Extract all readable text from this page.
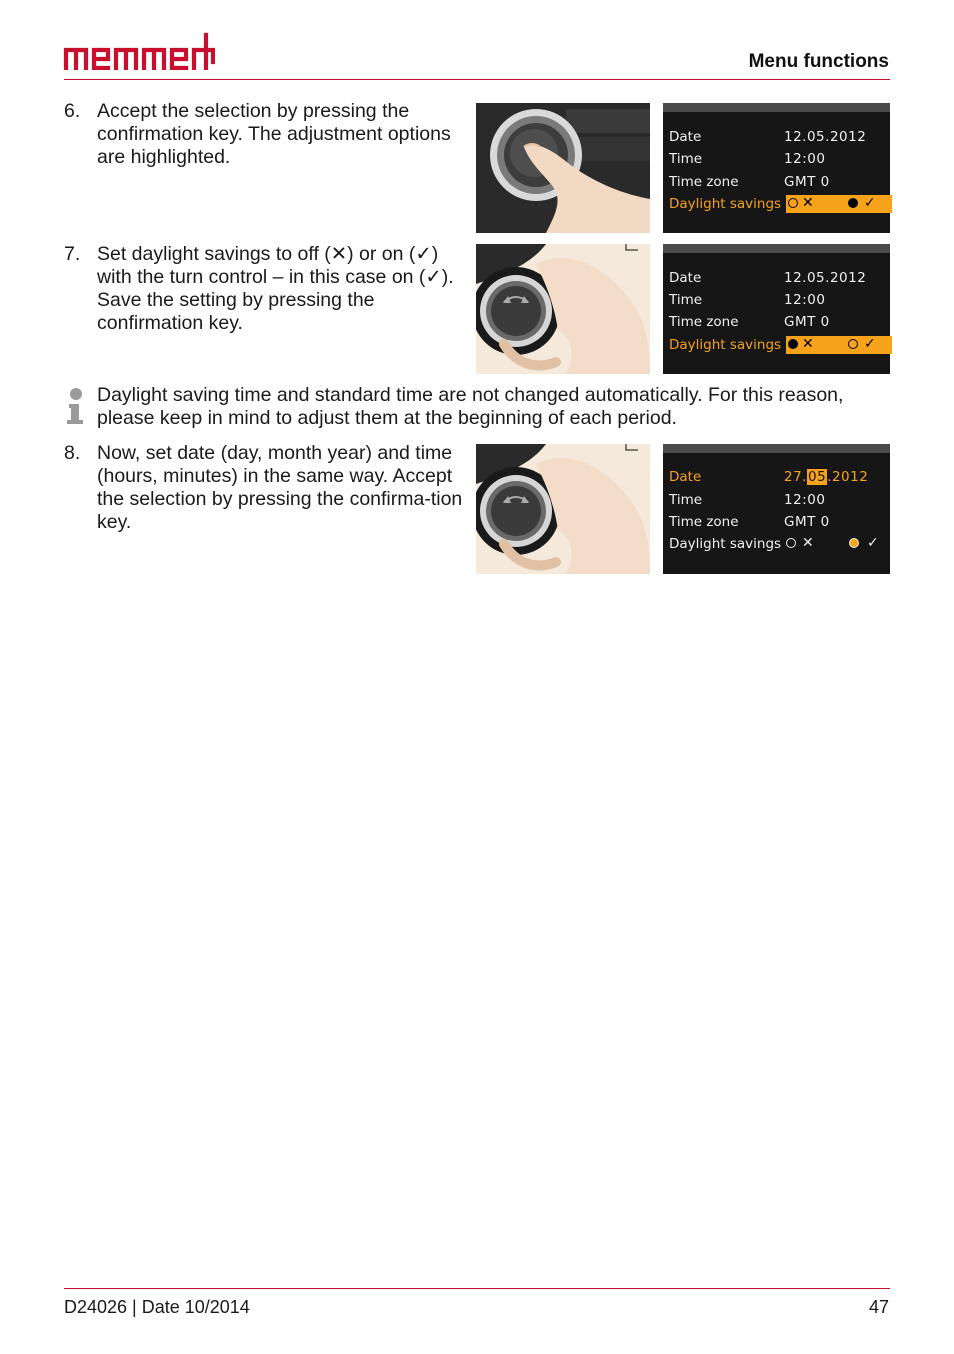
Menu functions
6. Accept the selection by pressing the confirmation key. The adjustment options are highlighted.
Date	12.05.2012
Time	12:00
Time zone	GMT 0
Daylight savings ✕	✓
7. Set daylight savings to off (✕) or on (✓) with the turn control – in this case on (✓). Save the setting by pressing the confirmation key.
Date	12.05.2012
Time	12:00
Time zone	GMT 0
Daylight savings ✕	✓
Daylight saving time and standard time are not changed automatically. For this reason, please keep in mind to adjust them at the beginning of each period.
8. Now, set date (day, month year) and time (hours, minutes) in the same way. Accept the selection by pressing the confirma-tion key.
Date	27.05.2012
Time	12:00
Time zone	GMT 0
Daylight savings ✕	✓
D24026 | Date 10/2014	47
